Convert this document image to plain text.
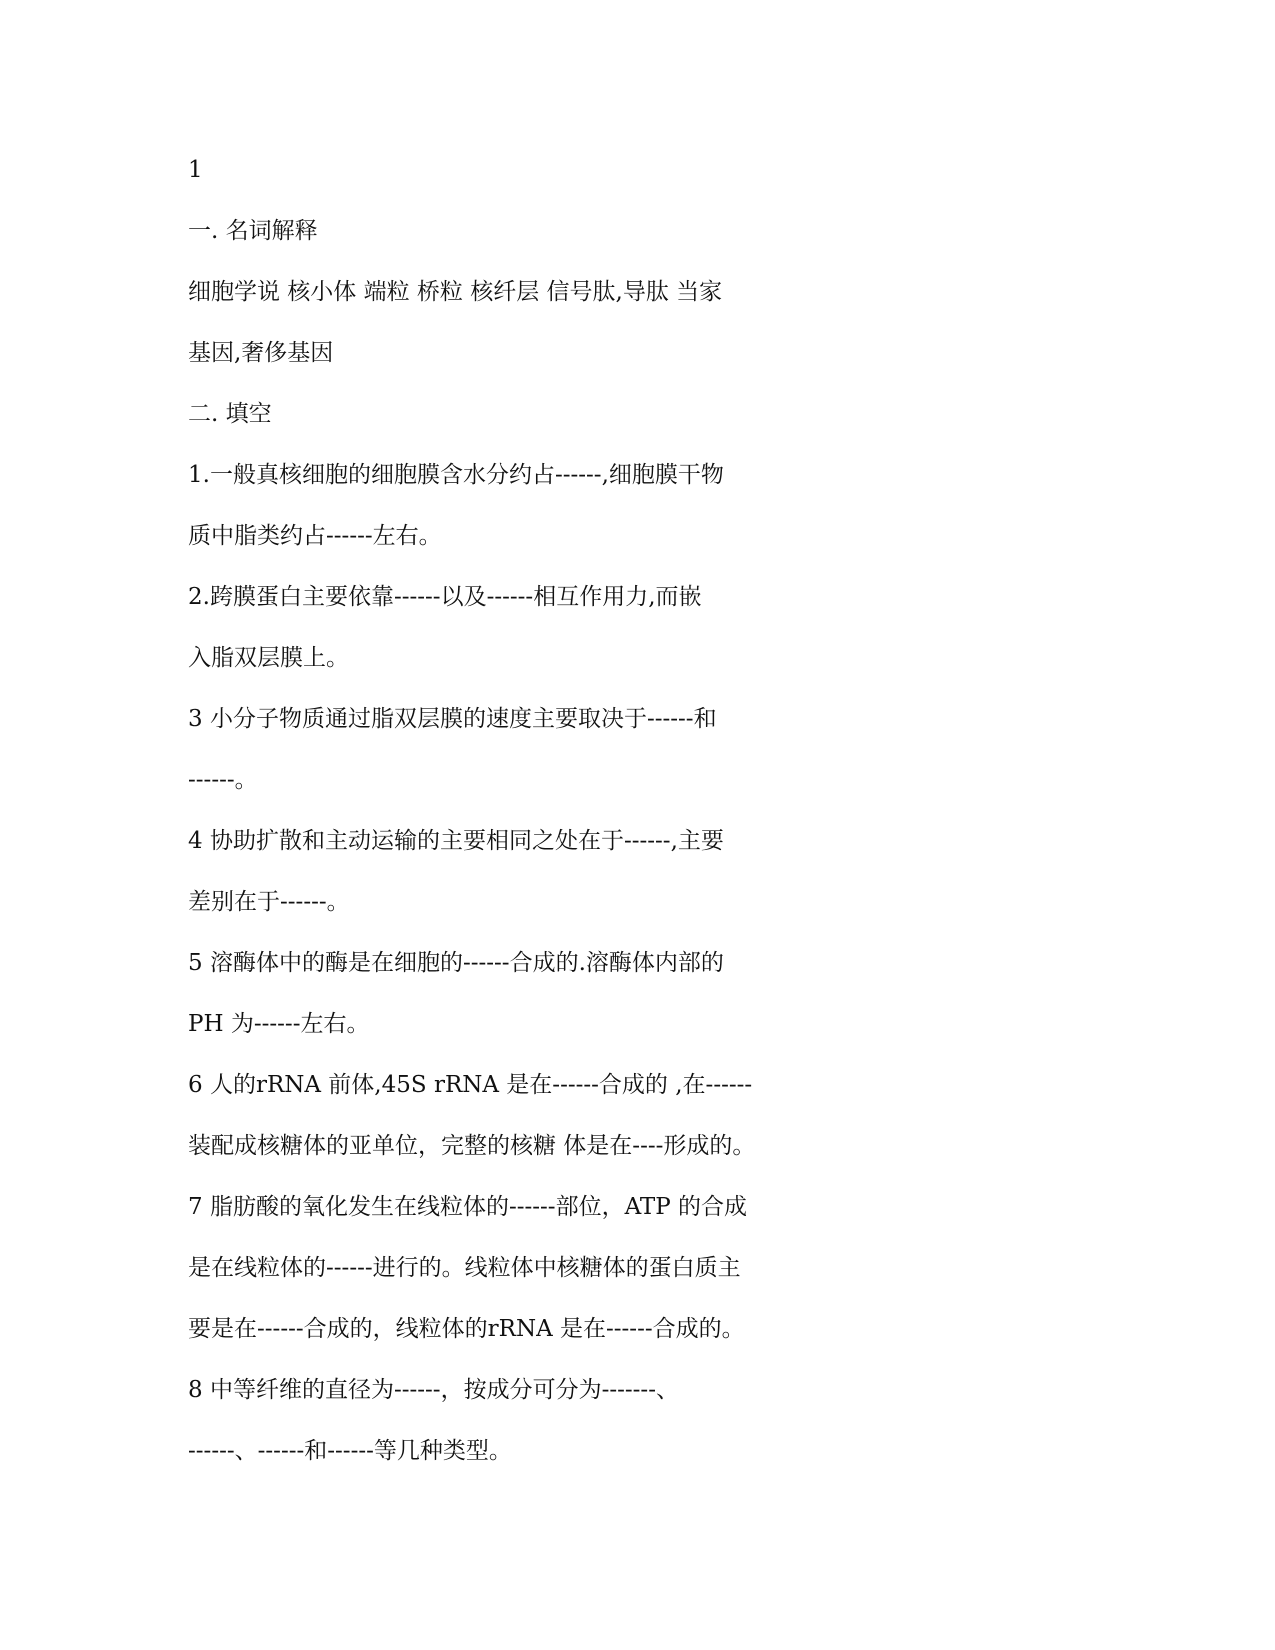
1
一. 名词解释
细胞学说 核小体 端粒 桥粒 核纤层 信号肽,导肽 当家
基因,奢侈基因
二. 填空
1.一般真核细胞的细胞膜含水分约占------,细胞膜干物
质中脂类约占------左右。
2.跨膜蛋白主要依靠------以及------相互作用力,而嵌
入脂双层膜上。
3 小分子物质通过脂双层膜的速度主要取决于------和
------。
4 协助扩散和主动运输的主要相同之处在于------,主要
差别在于------。
5 溶酶体中的酶是在细胞的------合成的.溶酶体内部的
PH 为------左右。
6 人的rRNA 前体,45S rRNA 是在------合成的 ,在------
装配成核糖体的亚单位，完整的核糖 体是在----形成的。
7 脂肪酸的氧化发生在线粒体的------部位，ATP 的合成
是在线粒体的------进行的。线粒体中核糖体的蛋白质主
要是在------合成的，线粒体的rRNA 是在------合成的。
8 中等纤维的直径为------，按成分可分为-------、
------、------和------等几种类型。
